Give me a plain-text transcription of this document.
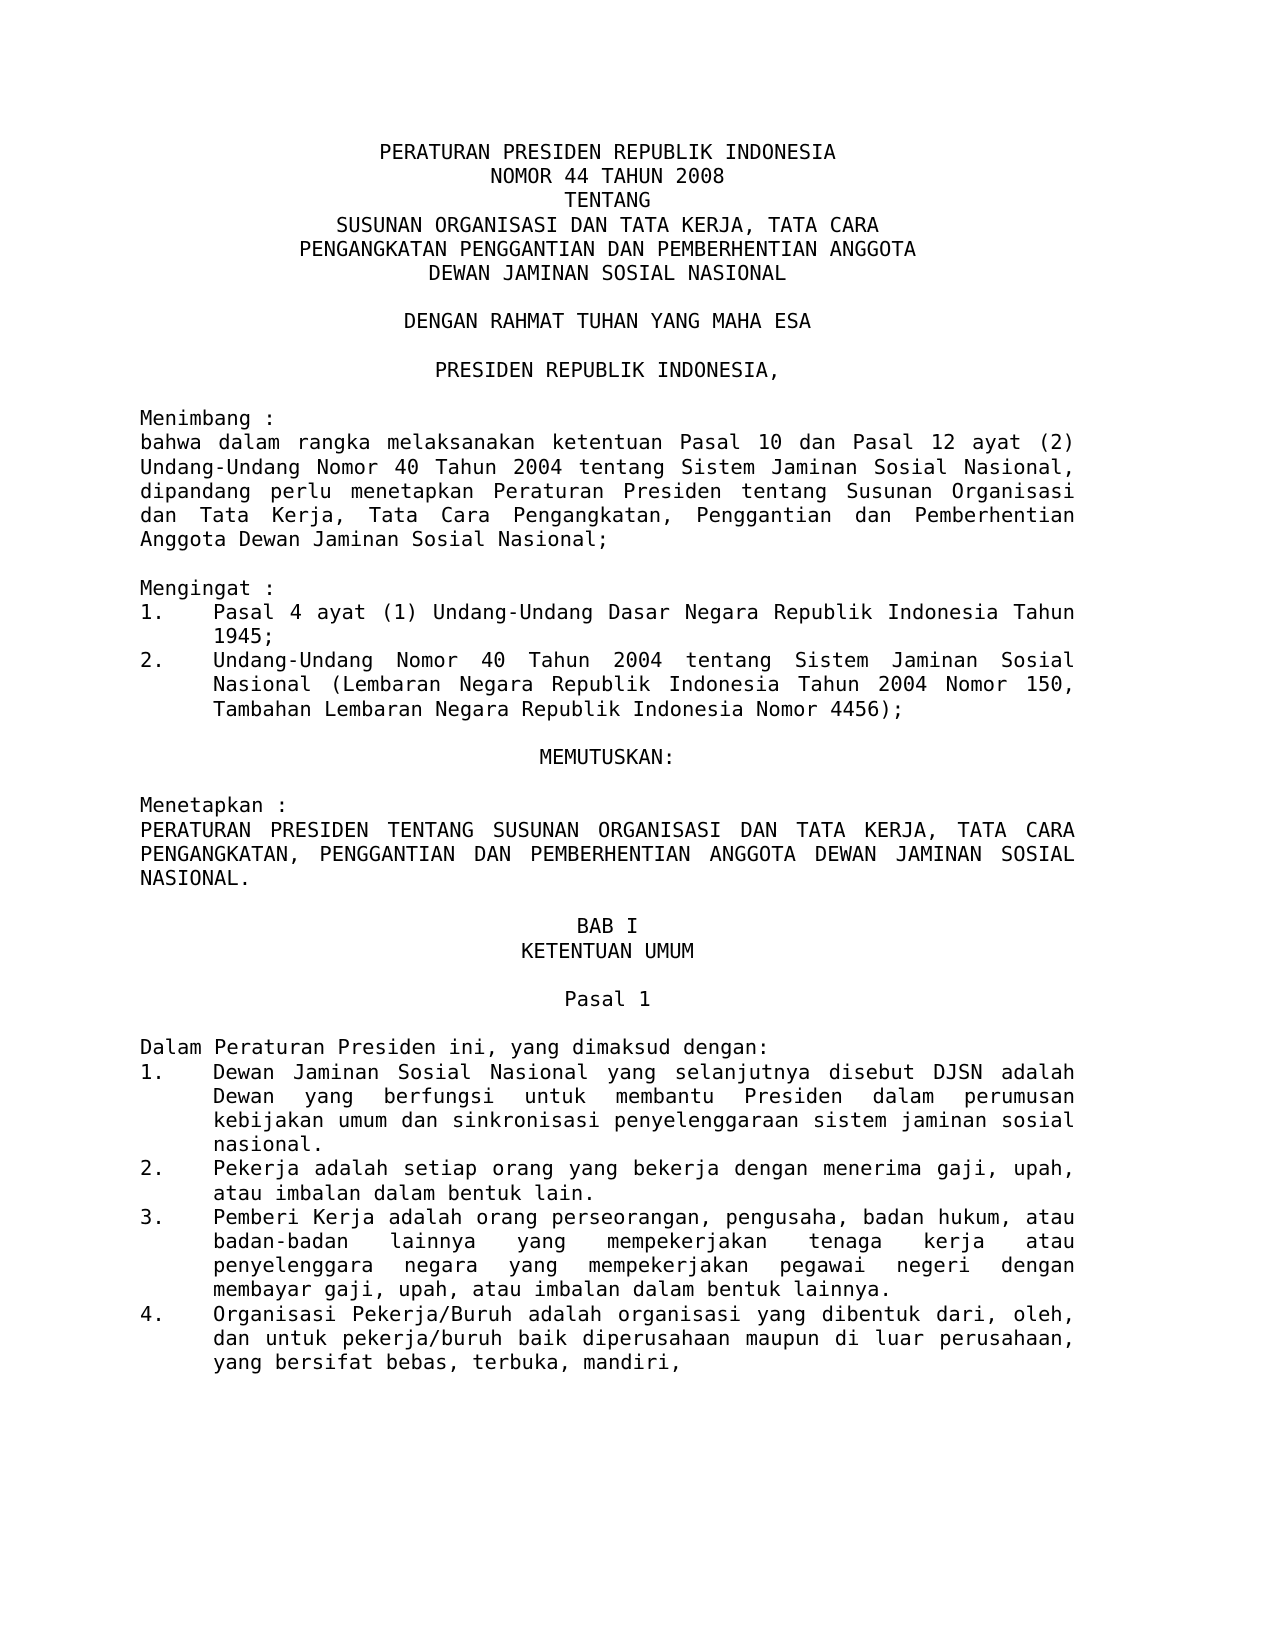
PERATURAN PRESIDEN REPUBLIK INDONESIA
NOMOR 44 TAHUN 2008
TENTANG
SUSUNAN ORGANISASI DAN TATA KERJA, TATA CARA
PENGANGKATAN PENGGANTIAN DAN PEMBERHENTIAN ANGGOTA
DEWAN JAMINAN SOSIAL NASIONAL
DENGAN RAHMAT TUHAN YANG MAHA ESA
PRESIDEN REPUBLIK INDONESIA,
Menimbang :
bahwa dalam rangka melaksanakan ketentuan Pasal 10 dan Pasal 12 ayat (2) Undang-Undang Nomor 40 Tahun 2004 tentang Sistem Jaminan Sosial Nasional, dipandang perlu menetapkan Peraturan Presiden tentang Susunan Organisasi dan Tata Kerja, Tata Cara Pengangkatan, Penggantian dan Pemberhentian Anggota Dewan Jaminan Sosial Nasional;
Mengingat :
1. Pasal 4 ayat (1) Undang-Undang Dasar Negara Republik Indonesia Tahun 1945;
2. Undang-Undang Nomor 40 Tahun 2004 tentang Sistem Jaminan Sosial Nasional (Lembaran Negara Republik Indonesia Tahun 2004 Nomor 150, Tambahan Lembaran Negara Republik Indonesia Nomor 4456);
MEMUTUSKAN:
Menetapkan :
PERATURAN PRESIDEN TENTANG SUSUNAN ORGANISASI DAN TATA KERJA, TATA CARA PENGANGKATAN, PENGGANTIAN DAN PEMBERHENTIAN ANGGOTA DEWAN JAMINAN SOSIAL NASIONAL.
BAB I
KETENTUAN UMUM
Pasal 1
Dalam Peraturan Presiden ini, yang dimaksud dengan:
1. Dewan Jaminan Sosial Nasional yang selanjutnya disebut DJSN adalah Dewan yang berfungsi untuk membantu Presiden dalam perumusan kebijakan umum dan sinkronisasi penyelenggaraan sistem jaminan sosial nasional.
2. Pekerja adalah setiap orang yang bekerja dengan menerima gaji, upah, atau imbalan dalam bentuk lain.
3. Pemberi Kerja adalah orang perseorangan, pengusaha, badan hukum, atau badan-badan lainnya yang mempekerjakan tenaga kerja atau penyelenggara negara yang mempekerjakan pegawai negeri dengan membayar gaji, upah, atau imbalan dalam bentuk lainnya.
4. Organisasi Pekerja/Buruh adalah organisasi yang dibentuk dari, oleh, dan untuk pekerja/buruh baik diperusahaan maupun di luar perusahaan, yang bersifat bebas, terbuka, mandiri,
